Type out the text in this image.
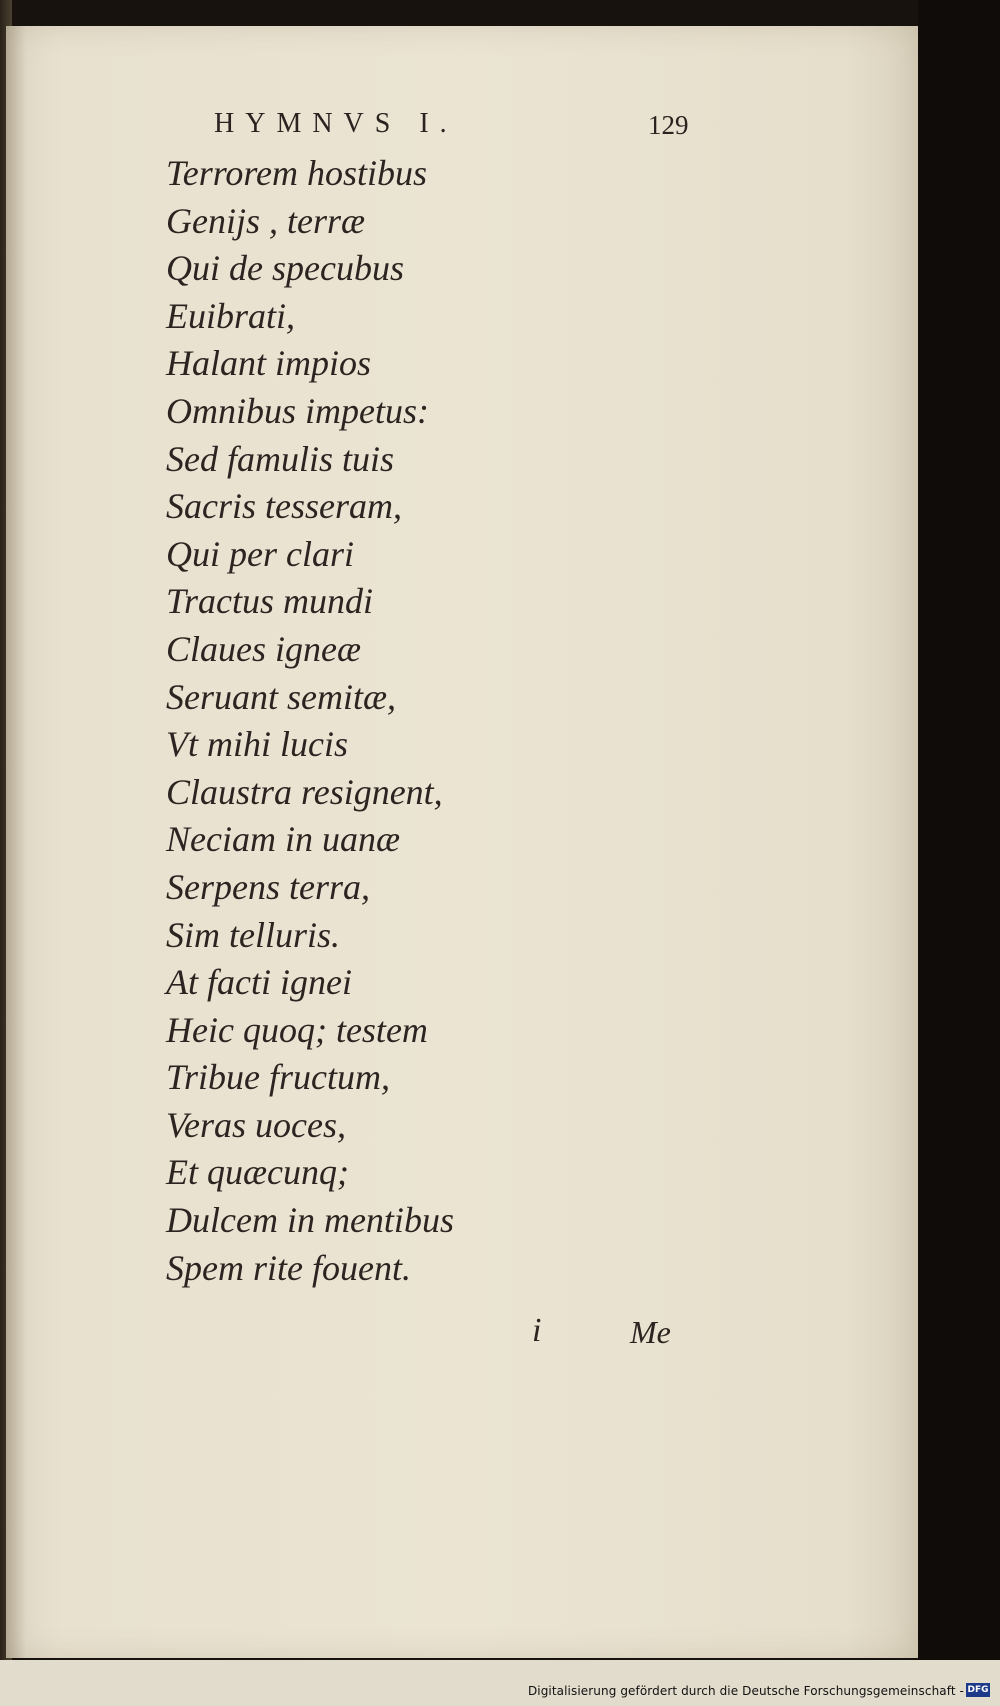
HYMNVS I.	129
Terrorem hostibus
Genijs , terræ
Qui de specubus
Euibrati,
Halant impios
Omnibus impetus:
Sed famulis tuis
Sacris tesseram,
Qui per clari
Tractus mundi
Claues igneæ
Seruant semitæ,
Vt mihi lucis
Claustra resignent,
Neciam in uanæ
Serpens terra,
Sim telluris.
At facti ignei
Heic quoq; testem
Tribue fructum,
Veras uoces,
Et quæcunq;
Dulcem in mentibus
Spem rite fouent.
i	Me
Digitalisierung gefördert durch die Deutsche Forschungsgemeinschaft - DFG
